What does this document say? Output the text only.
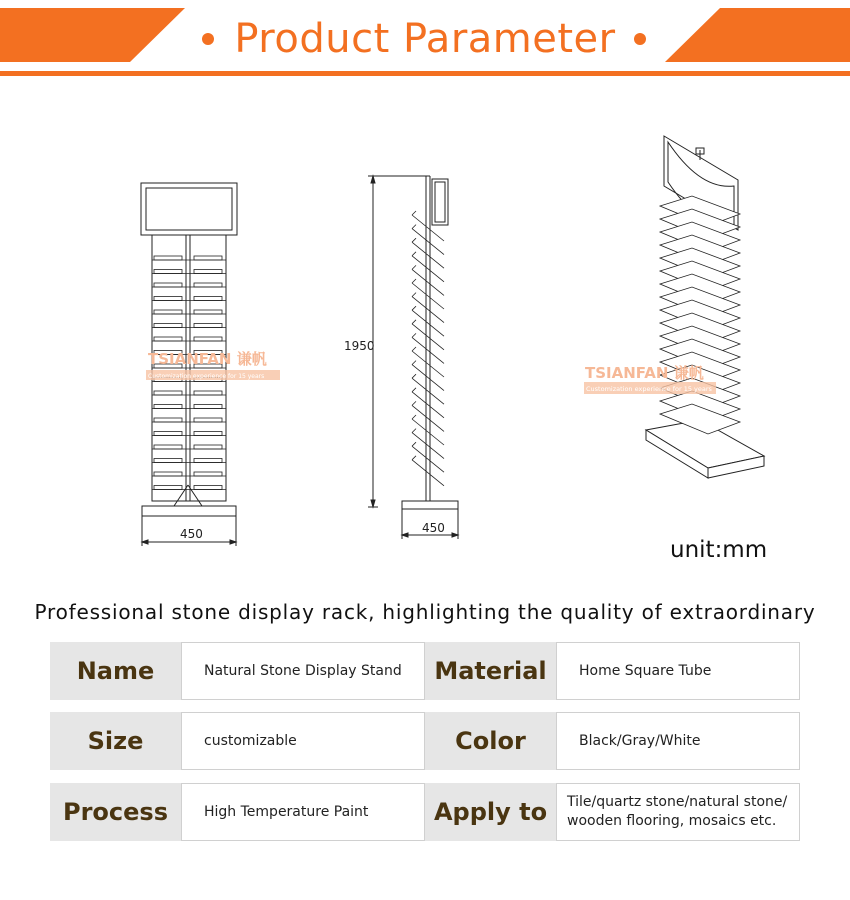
Product Parameter
450
TSIANFAN 谦帆
Customization experience for 15 years
1950
450
TSIANFAN 谦帆
Customization experience for 15 years
unit:mm
Professional stone display rack, highlighting the quality of extraordinary
Name	Natural Stone Display Stand	Material	Home Square Tube
Size	customizable	Color	Black/Gray/White
Process	High Temperature Paint	Apply to	Tile/quartz stone/natural stone/
wooden flooring, mosaics etc.
